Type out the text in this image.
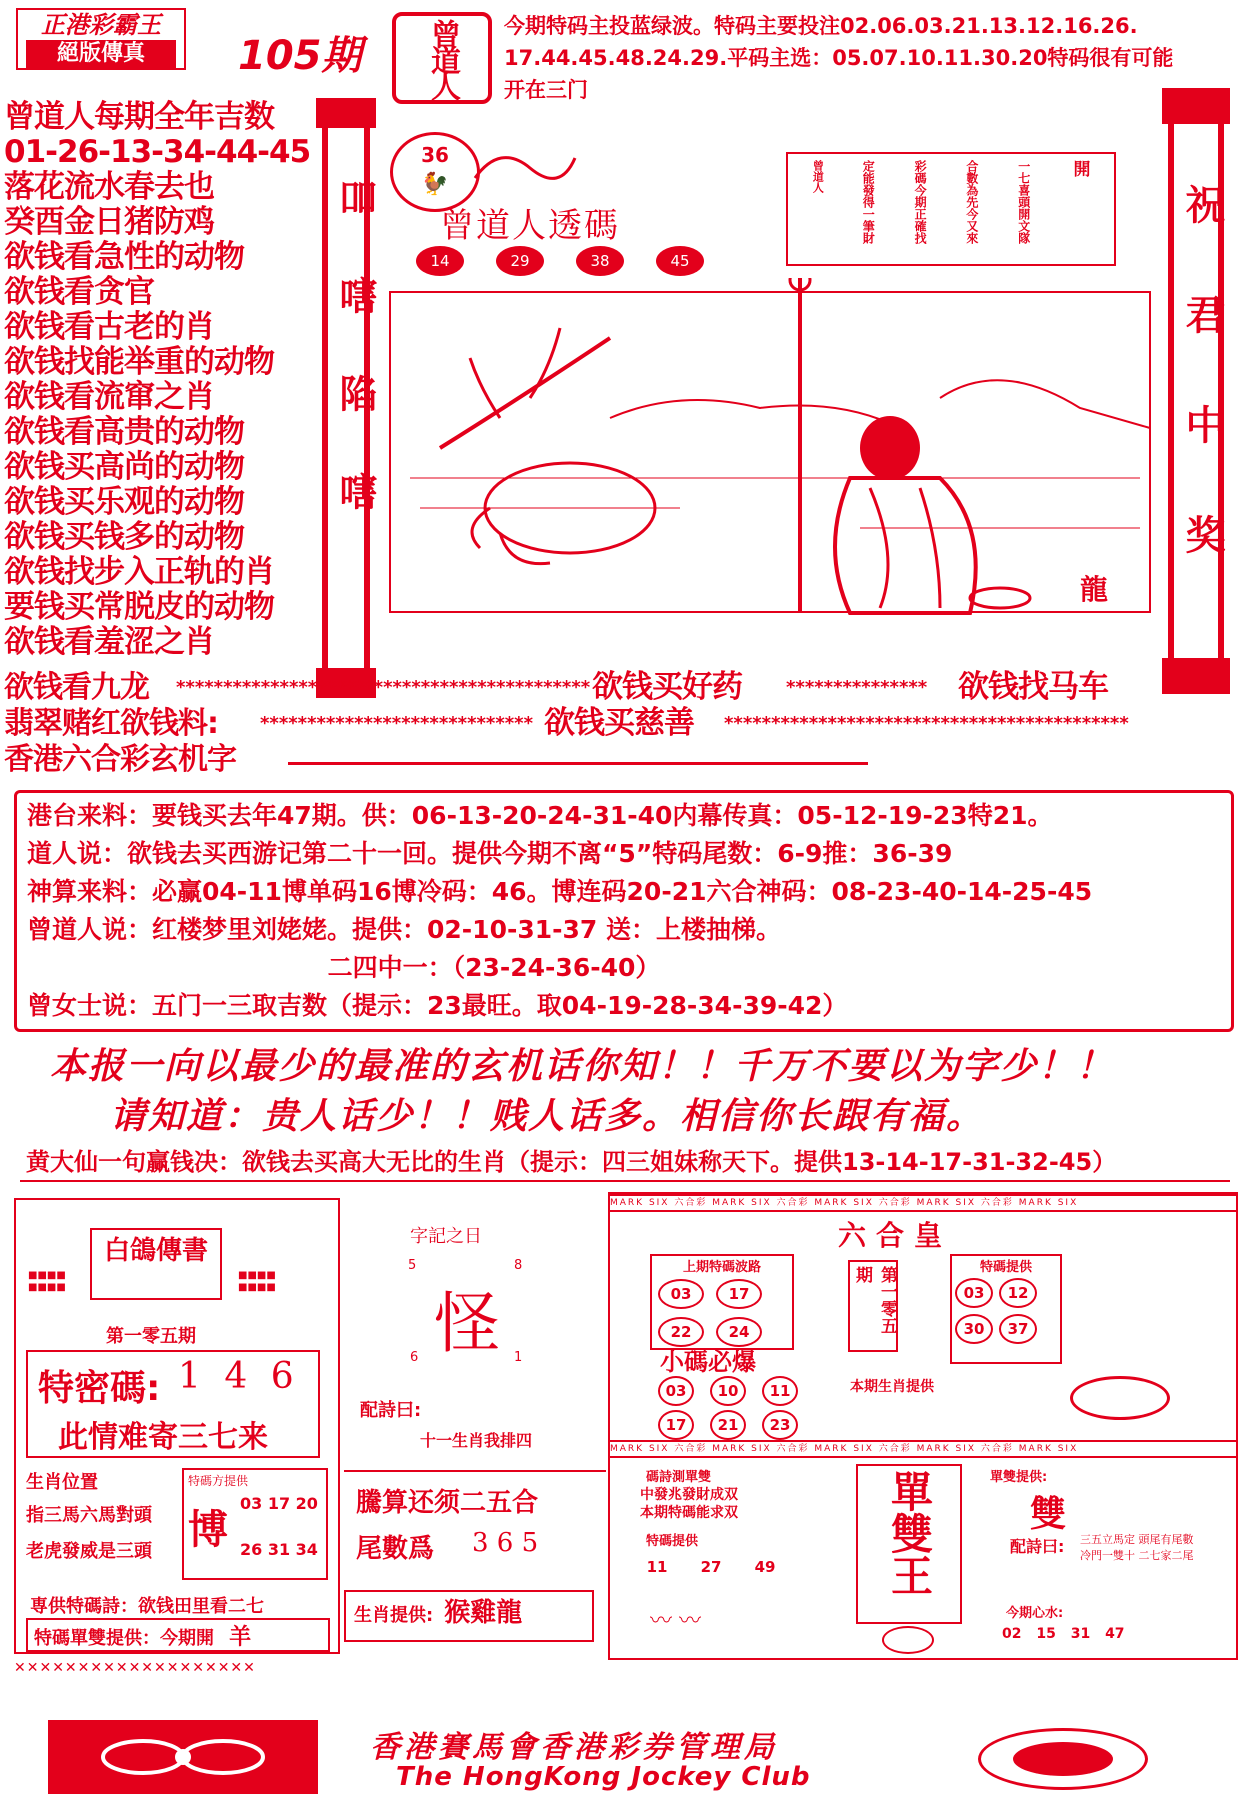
正港彩霸王
絕版傳真	105期 曾道人 今期特码主投蓝绿波。特码主要投注02.06.03.21.13.12.16.26.
17.44.45.48.24.29.平码主选：05.07.10.11.30.20特码很有可能
开在三门
曾道人每期全年吉数
01-26-13-34-44-45
落花流水春去也
癸酉金日猪防鸡
欲钱看急性的动物
欲钱看贪官
欲钱看古老的肖
欲钱找能举重的动物
欲钱看流窜之肖
欲钱看高贵的动物
欲钱买高尚的动物
欲钱买乐观的动物
欲钱买钱多的动物
欲钱找步入正轨的肖
要钱买常脱皮的动物
欲钱看羞涩之肖
吅嗐陷嗐	祝君中奖
36
🐓
曾道人透碼
14	29	38	45
開
一七喜頭開文隊
合數為先今又來
彩碼今期正確找
定能發得一筆財
曾道人
龍
欲钱看九龙 ******************************************** 欲钱买好药 *************** 欲钱找马车
翡翠赌红欲钱料: ***************************** 欲钱买慈善 *******************************************
香港六合彩玄机字
港台来料：要钱买去年47期。供：06-13-20-24-31-40内幕传真：05-12-19-23特21。
道人说：欲钱去买西游记第二十一回。提供今期不离“5”特码尾数：6-9推：36-39
神算来料：必赢04-11博单码16博冷码：46。博连码20-21六合神码：08-23-40-14-25-45
曾道人说：红楼梦里刘姥姥。提供：02-10-31-37 送：上楼抽梯。
二四中一：（23-24-36-40）
曾女士说：五门一三取吉数（提示：23最旺。取04-19-28-34-39-42）
本报一向以最少的最准的玄机话你知！！千万不要以为字少！！
请知道：贵人话少！！贱人话多。相信你长跟有福。
黄大仙一句赢钱决：欲钱去买高大无比的生肖（提示：四三姐妹称天下。提供13-14-17-31-32-45）
白鴿傳書
■■■■
■■■■
■■■■
■■■■
第一零五期
特密碼: 1 4 6
此情难寄三七来
生肖位置
指三馬六馬對頭
老虎發威是三頭
特碼方提供
博
03 17 20
26 31 34
専供特碼詩：欲钱田里看二七
特碼單雙提供：今期開 羊
✕✕✕✕✕✕✕✕✕✕✕✕✕✕✕✕✕✕✕
字記之日
5	8
怪
6	1
配詩曰:
十一生肖我排四
騰算还须二五合
尾數爲 3 6 5
生肖提供: 猴雞龍
MARK SIX 六合彩 MARK SIX 六合彩 MARK SIX 六合彩 MARK SIX 六合彩 MARK SIX
MARK SIX 六合彩 MARK SIX 六合彩 MARK SIX 六合彩 MARK SIX 六合彩 MARK SIX
六合皇
上期特碼波路
03 17
22 24	第一零五期	特碼提供
03 12
30 37
小碼必爆
03 10 11 17 21 23
本期生肖提供
碼詩測單雙
中發兆發財成双
本期特碼能求双
特碼提供
11 27 49
〰 〰
單雙王	單雙提供:
雙
配詩曰: 三五立馬定 頭尾有尾數 冷門一雙十 二七家二尾
今期心水:
02 15 31 47
香港賽馬會香港彩券管理局
The HongKong Jockey Club
